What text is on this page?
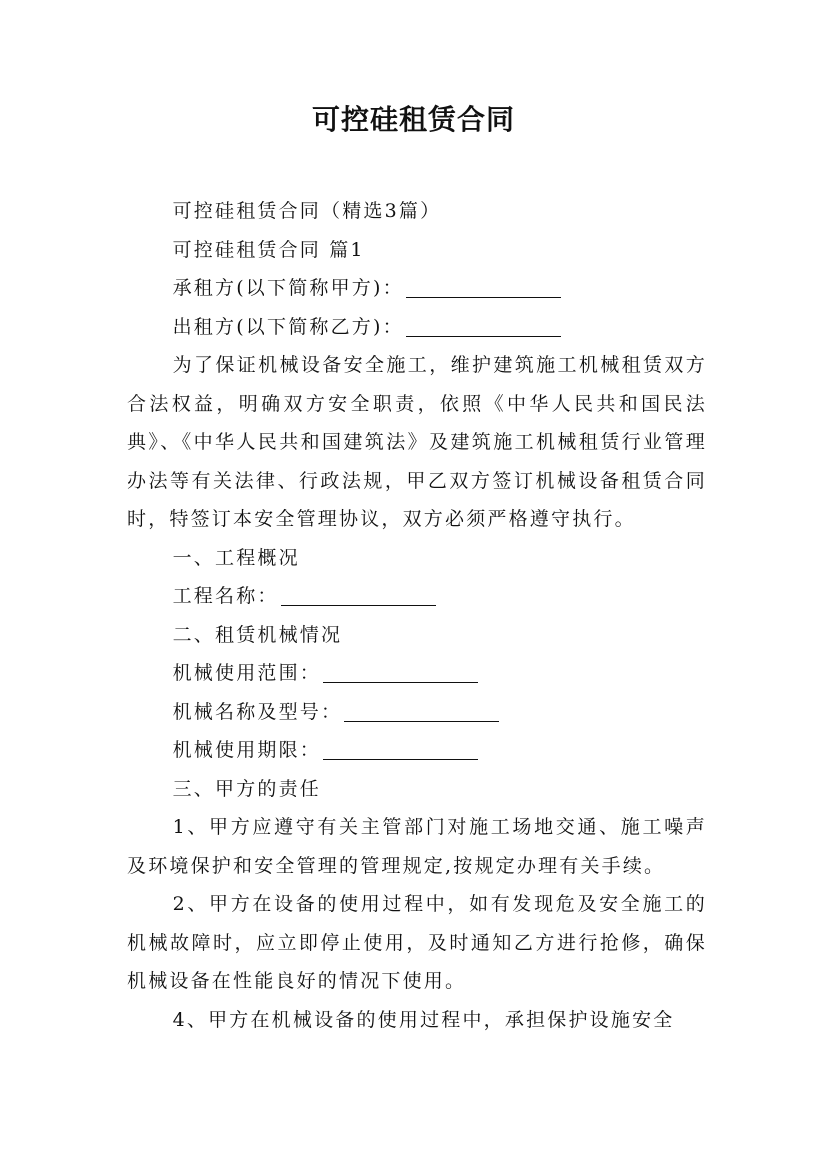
可控硅租赁合同

可控硅租赁合同（精选3篇）

可控硅租赁合同 篇1

承租方(以下简称甲方)：

出租方(以下简称乙方)：

为了保证机械设备安全施工，维护建筑施工机械租赁双方合法权益，明确双方安全职责，依照《中华人民共和国民法典》、《中华人民共和国建筑法》及建筑施工机械租赁行业管理办法等有关法律、行政法规，甲乙双方签订机械设备租赁合同时，特签订本安全管理协议，双方必须严格遵守执行。

一、工程概况

工程名称：

二、租赁机械情况

机械使用范围：

机械名称及型号：

机械使用期限：

三、甲方的责任

1、甲方应遵守有关主管部门对施工场地交通、施工噪声及环境保护和安全管理的管理规定,按规定办理有关手续。

2、甲方在设备的使用过程中，如有发现危及安全施工的机械故障时，应立即停止使用，及时通知乙方进行抢修，确保机械设备在性能良好的情况下使用。

4、甲方在机械设备的使用过程中，承担保护设施安全
